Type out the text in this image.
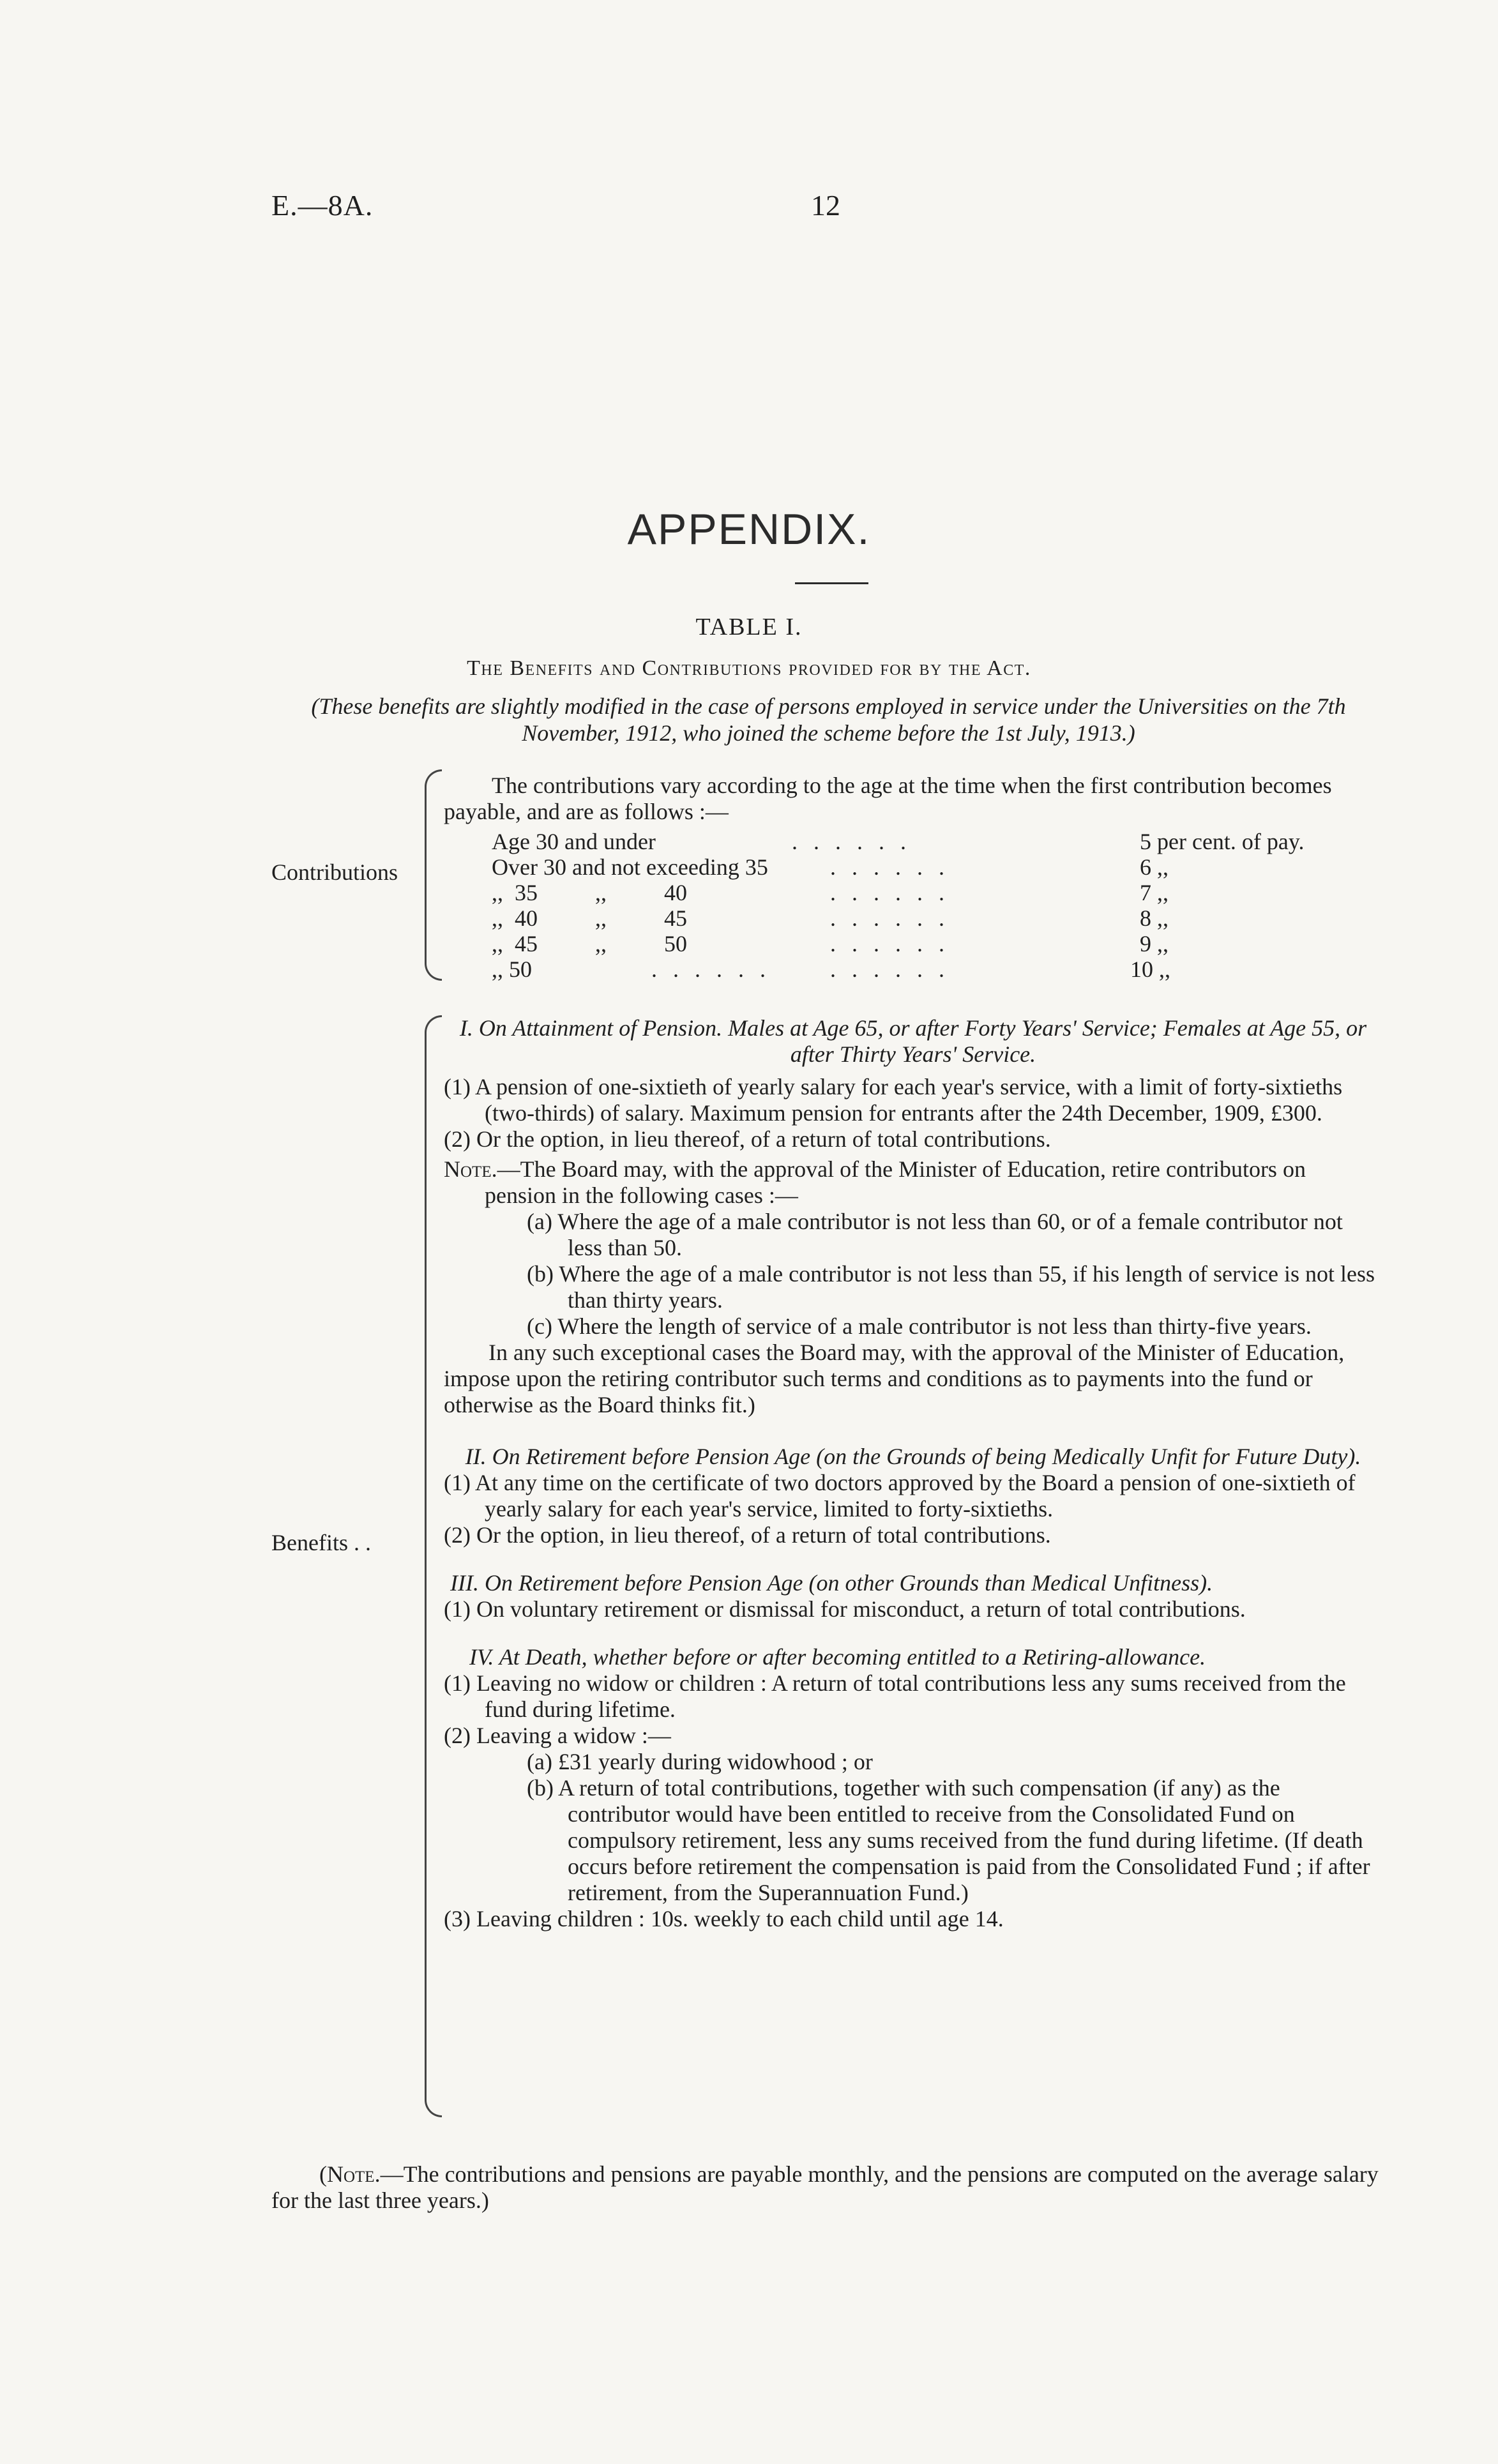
E.—8A.	12
APPENDIX.
TABLE I.
The Benefits and Contributions provided for by the Act.
(These benefits are slightly modified in the case of persons employed in service under the Universities on the 7th November, 1912, who joined the scheme before the 1st July, 1913.)
Contributions
The contributions vary according to the age at the time when the first contribution becomes payable, and are as follows :—
Age 30 and under	. . . . . .	5 per cent. of pay.
Over 30 and not exceeding 35	. . . . . .	6 ,,
,,  35          ,,          40	. . . . . .	7 ,,
,,  40          ,,          45	. . . . . .	8 ,,
,,  45          ,,          50	. . . . . .	9 ,,
,, 50	. . . . . .	. . . . . .	10 ,,
Benefits . .
I. On Attainment of Pension. Males at Age 65, or after Forty Years' Service; Females at Age 55, or after Thirty Years' Service.
(1) A pension of one-sixtieth of yearly salary for each year's service, with a limit of forty-sixtieths (two-thirds) of salary. Maximum pension for entrants after the 24th December, 1909, £300.
(2) Or the option, in lieu thereof, of a return of total contributions.
Note.—The Board may, with the approval of the Minister of Education, retire contributors on pension in the following cases :—
(a) Where the age of a male contributor is not less than 60, or of a female contributor not less than 50.
(b) Where the age of a male contributor is not less than 55, if his length of service is not less than thirty years.
(c) Where the length of service of a male contributor is not less than thirty-five years.
In any such exceptional cases the Board may, with the approval of the Minister of Education, impose upon the retiring contributor such terms and conditions as to payments into the fund or otherwise as the Board thinks fit.)
II. On Retirement before Pension Age (on the Grounds of being Medically Unfit for Future Duty).
(1) At any time on the certificate of two doctors approved by the Board a pension of one-sixtieth of yearly salary for each year's service, limited to forty-sixtieths.
(2) Or the option, in lieu thereof, of a return of total contributions.
III. On Retirement before Pension Age (on other Grounds than Medical Unfitness).
(1) On voluntary retirement or dismissal for misconduct, a return of total contributions.
IV. At Death, whether before or after becoming entitled to a Retiring-allowance.
(1) Leaving no widow or children : A return of total contributions less any sums received from the fund during lifetime.
(2) Leaving a widow :—
(a) £31 yearly during widowhood ; or
(b) A return of total contributions, together with such compensation (if any) as the contributor would have been entitled to receive from the Consolidated Fund on compulsory retirement, less any sums received from the fund during lifetime. (If death occurs before retirement the compensation is paid from the Consolidated Fund ; if after retirement, from the Superannuation Fund.)
(3) Leaving children : 10s. weekly to each child until age 14.
(Note.—The contributions and pensions are payable monthly, and the pensions are computed on the average salary for the last three years.)
